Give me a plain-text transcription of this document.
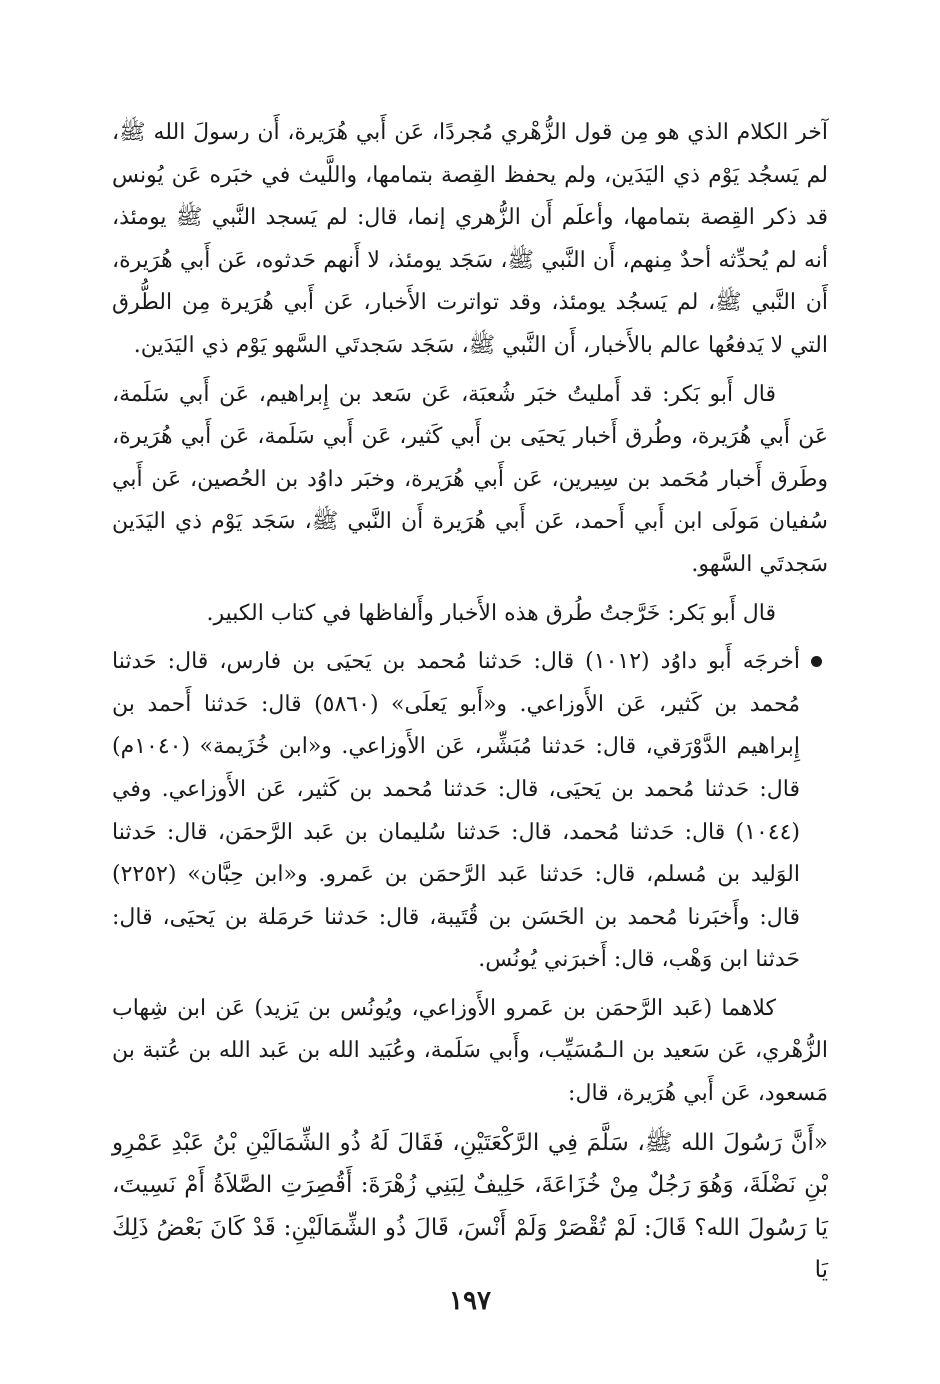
آخر الكلام الذي هو مِن قول الزُّهْري مُجردًا، عَن أَبي هُرَيرة، أَن رسولَ الله ﷺ، لم يَسجُد يَوْم ذي اليَدَين، ولم يحفظ القِصة بتمامها، واللَّيث في خبَره عَن يُونس قد ذكر القِصة بتمامها، وأعلَم أَن الزُّهري إنما، قال: لم يَسجد النَّبي ﷺ يومئذ، أنه لم يُحدِّثه أحدٌ مِنهم، أَن النَّبي ﷺ، سَجَد يومئذ، لا أَنهم حَدثوه، عَن أَبي هُرَيرة، أَن النَّبي ﷺ، لم يَسجُد يومئذ، وقد تواترت الأَخبار، عَن أَبي هُرَيرة مِن الطُّرق التي لا يَدفعُها عالم بالأَخبار، أَن النَّبي ﷺ، سَجَد سَجدتَي السَّهو يَوْم ذي اليَدَين.

قال أَبو بَكر: قد أَمليتُ خبَر شُعبَة، عَن سَعد بن إِبراهيم، عَن أَبي سَلَمة، عَن أَبي هُرَيرة، وطُرق أَخبار يَحيَى بن أَبي كَثير، عَن أَبي سَلَمة، عَن أَبي هُرَيرة، وطَرق أَخبار مُحَمد بن سِيرين، عَن أَبي هُرَيرة، وخبَر داوُد بن الحُصين، عَن أَبي سُفيان مَولَى ابن أَبي أَحمد، عَن أَبي هُرَيرة أَن النَّبي ﷺ، سَجَد يَوْم ذي اليَدَين سَجدتَي السَّهو.

قال أَبو بَكر: خَرَّجتُ طُرق هذه الأَخبار وأَلفاظها في كتاب الكبير.

أخرجَه أَبو داوُد (١٠١٢) قال: حَدثنا مُحمد بن يَحيَى بن فارس، قال: حَدثنا مُحمد بن كَثير، عَن الأَوزاعي. و«أَبو يَعلَى» (٥٨٦٠) قال: حَدثنا أَحمد بن إِبراهيم الدَّوْرَقي، قال: حَدثنا مُبَشِّر، عَن الأَوزاعي. و«ابن خُزَيمة» (١٠٤٠م) قال: حَدثنا مُحمد بن يَحيَى، قال: حَدثنا مُحمد بن كَثير، عَن الأَوزاعي. وفي (١٠٤٤) قال: حَدثنا مُحمد، قال: حَدثنا سُليمان بن عَبد الرَّحمَن، قال: حَدثنا الوَليد بن مُسلم، قال: حَدثنا عَبد الرَّحمَن بن عَمرو. و«ابن حِبَّان» (٢٢٥٢) قال: وأَخبَرنا مُحمد بن الحَسَن بن قُتَيبة، قال: حَدثنا حَرمَلة بن يَحيَى، قال: حَدثنا ابن وَهْب، قال: أَخبرَني يُونُس.

كلاهما (عَبد الرَّحمَن بن عَمرو الأَوزاعي، ويُونُس بن يَزيد) عَن ابن شِهاب الزُّهْري، عَن سَعيد بن الـمُسَيِّب، وأَبي سَلَمة، وعُبَيد الله بن عَبد الله بن عُتبة بن مَسعود، عَن أَبي هُرَيرة، قال:

«أَنَّ رَسُولَ الله ﷺ، سَلَّمَ فِي الرَّكْعَتَيْنِ، فَقَالَ لَهُ ذُو الشِّمَالَيْنِ بْنُ عَبْدِ عَمْرِو بْنِ نَضْلَةَ، وَهُوَ رَجُلٌ مِنْ خُزَاعَةَ، حَلِيفٌ لِبَنِي زُهْرَةَ: أَقُصِرَتِ الصَّلاَةُ أَمْ نَسِيتَ، يَا رَسُولَ الله؟ قَالَ: لَمْ تُقْصَرْ وَلَمْ أَنْسَ، قَالَ ذُو الشِّمَالَيْنِ: قَدْ كَانَ بَعْضُ ذَلِكَ يَا

١٩٧
